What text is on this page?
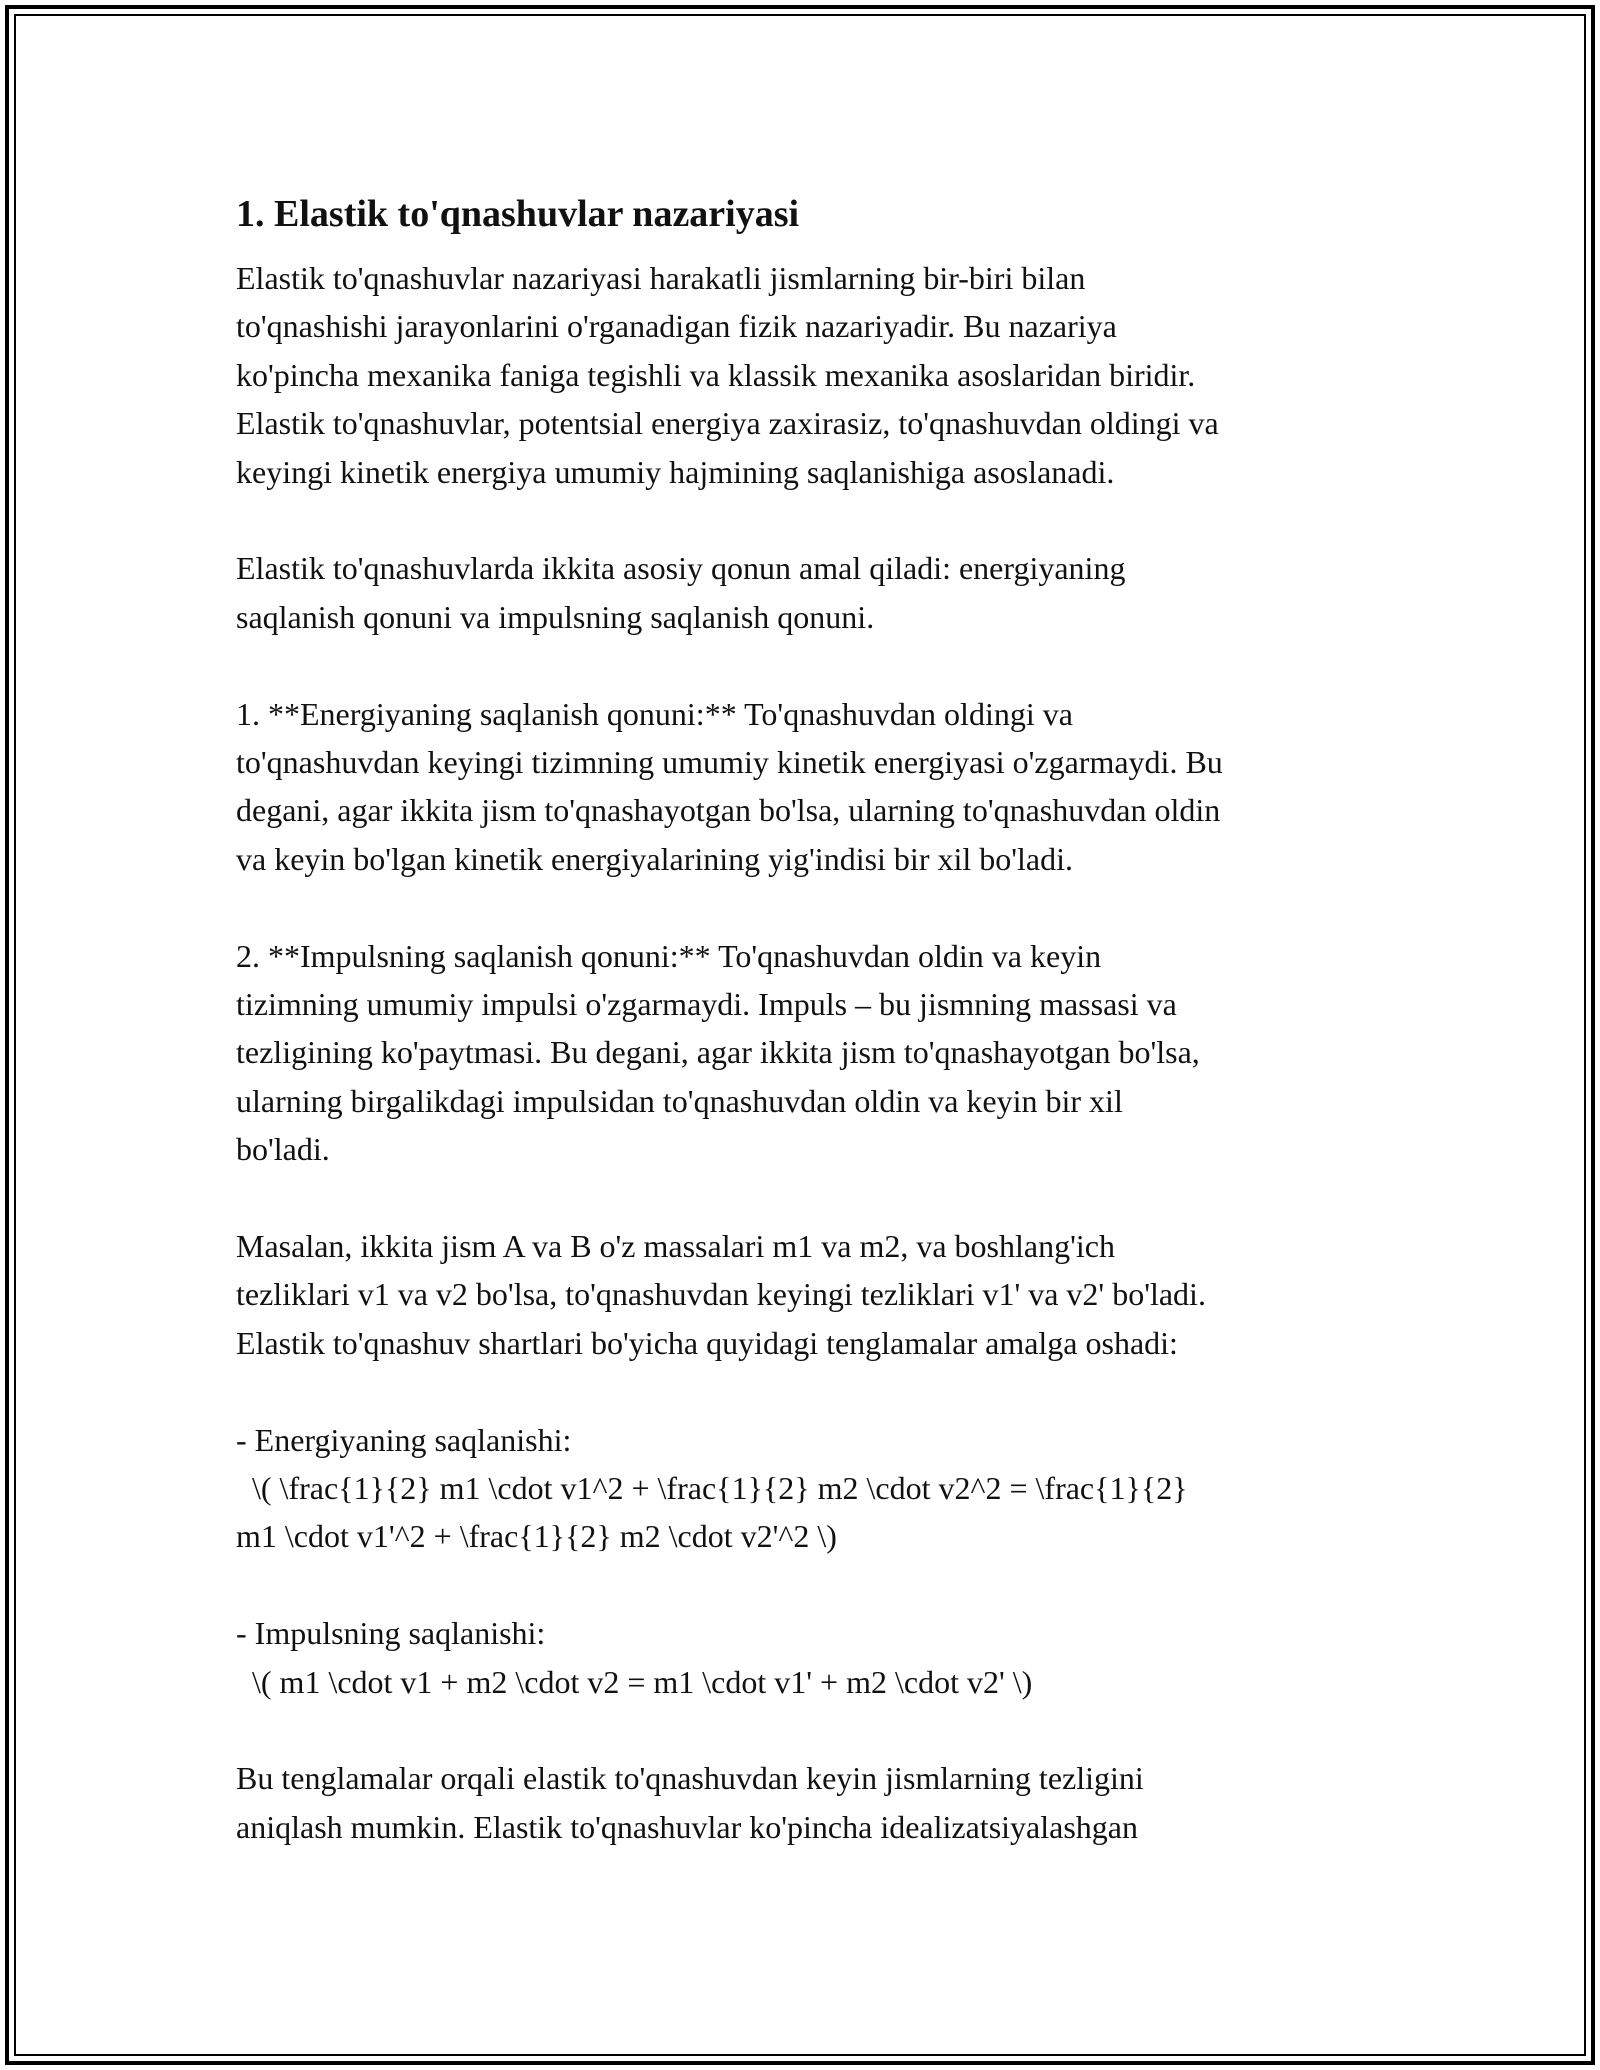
1. Elastik to'qnashuvlar nazariyasi

Elastik to'qnashuvlar nazariyasi harakatli jismlarning bir-biri bilan
to'qnashishi jarayonlarini o'rganadigan fizik nazariyadir. Bu nazariya
ko'pincha mexanika faniga tegishli va klassik mexanika asoslaridan biridir.
Elastik to'qnashuvlar, potentsial energiya zaxirasiz, to'qnashuvdan oldingi va
keyingi kinetik energiya umumiy hajmining saqlanishiga asoslanadi.

Elastik to'qnashuvlarda ikkita asosiy qonun amal qiladi: energiyaning
saqlanish qonuni va impulsning saqlanish qonuni.

1. **Energiyaning saqlanish qonuni:** To'qnashuvdan oldingi va
to'qnashuvdan keyingi tizimning umumiy kinetik energiyasi o'zgarmaydi. Bu
degani, agar ikkita jism to'qnashayotgan bo'lsa, ularning to'qnashuvdan oldin
va keyin bo'lgan kinetik energiyalarining yig'indisi bir xil bo'ladi.

2. **Impulsning saqlanish qonuni:** To'qnashuvdan oldin va keyin
tizimning umumiy impulsi o'zgarmaydi. Impuls – bu jismning massasi va
tezligining ko'paytmasi. Bu degani, agar ikkita jism to'qnashayotgan bo'lsa,
ularning birgalikdagi impulsidan to'qnashuvdan oldin va keyin bir xil
bo'ladi.

Masalan, ikkita jism A va B o'z massalari m1 va m2, va boshlang'ich
tezliklari v1 va v2 bo'lsa, to'qnashuvdan keyingi tezliklari v1' va v2' bo'ladi.
Elastik to'qnashuv shartlari bo'yicha quyidagi tenglamalar amalga oshadi:

- Energiyaning saqlanishi:
\( \frac{1}{2} m1 \cdot v1^2 + \frac{1}{2} m2 \cdot v2^2 = \frac{1}{2}
m1 \cdot v1'^2 + \frac{1}{2} m2 \cdot v2'^2 \)

- Impulsning saqlanishi:
\( m1 \cdot v1 + m2 \cdot v2 = m1 \cdot v1' + m2 \cdot v2' \)

Bu tenglamalar orqali elastik to'qnashuvdan keyin jismlarning tezligini
aniqlash mumkin. Elastik to'qnashuvlar ko'pincha idealizatsiyalashgan
